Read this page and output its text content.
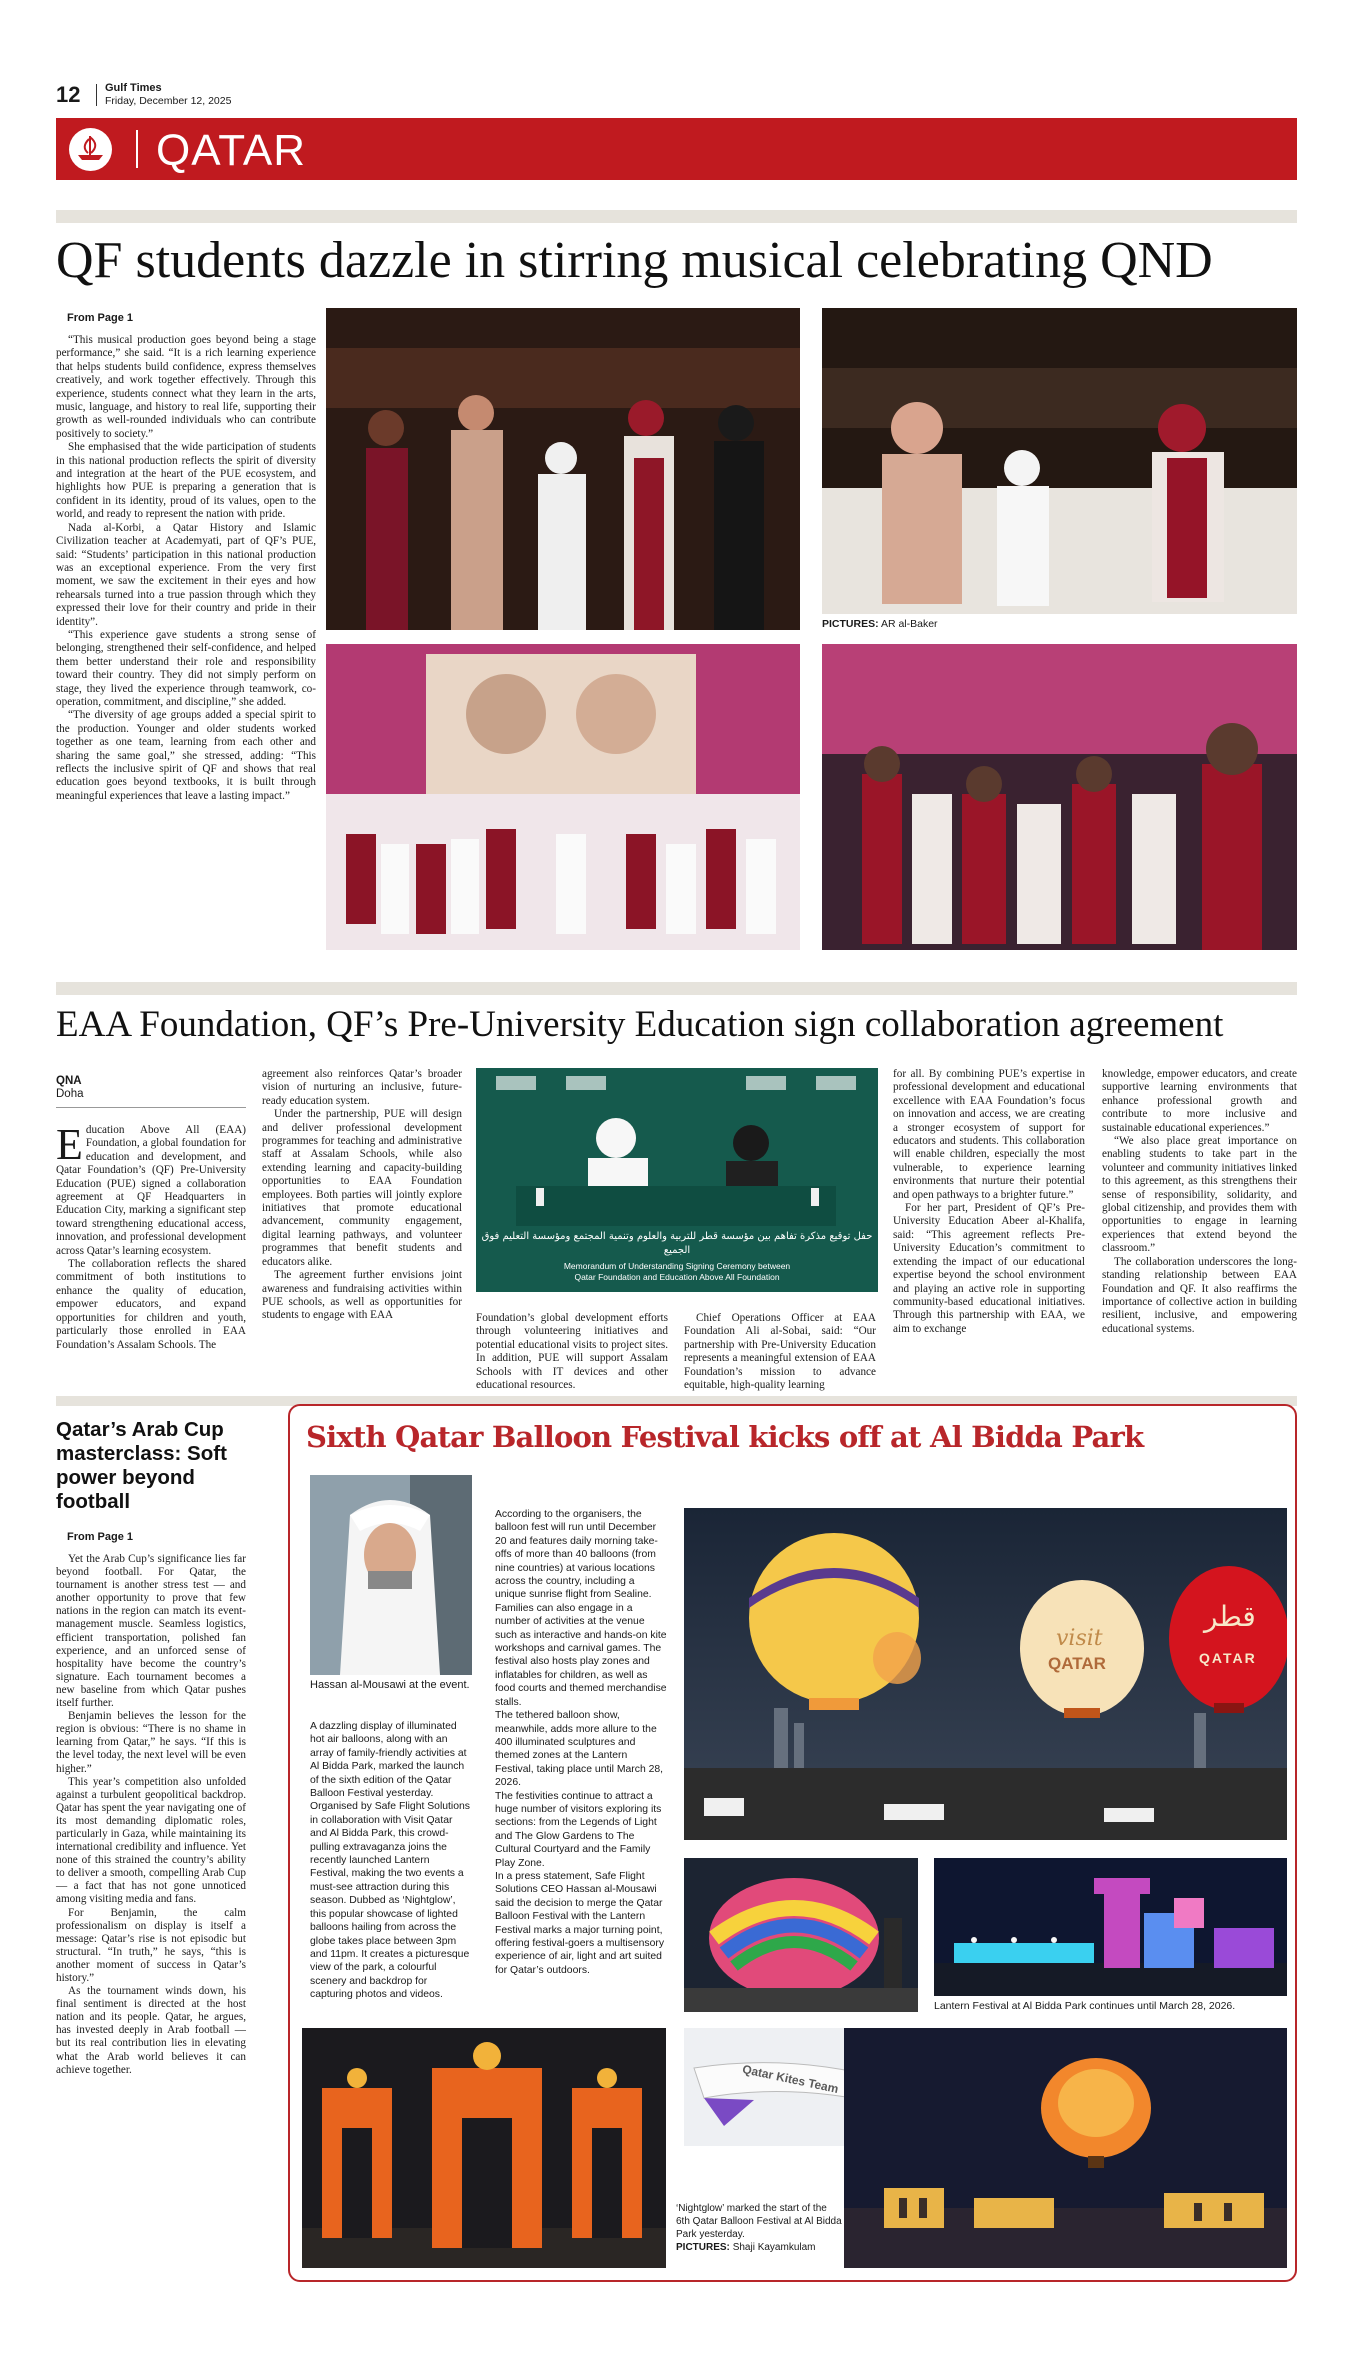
12 Gulf Times
Friday, December 12, 2025
QATAR
QF students dazzle in stirring musical celebrating QND
From Page 1

“This musical production goes beyond being a stage performance,” she said. “It is a rich learning experience that helps students build confidence, express themselves creatively, and work together effectively. Through this experience, students connect what they learn in the arts, music, language, and history to real life, supporting their growth as well-rounded individuals who can contribute positively to society.”

She emphasised that the wide participation of students in this national production reflects the spirit of diversity and integration at the heart of the PUE ecosystem, and highlights how PUE is preparing a generation that is confident in its identity, proud of its values, open to the world, and ready to represent the nation with pride.

Nada al-Korbi, a Qatar History and Islamic Civilization teacher at Academyati, part of QF’s PUE, said: “Students’ participation in this national production was an exceptional experience. From the very first moment, we saw the excitement in their eyes and how rehearsals turned into a true passion through which they expressed their love for their country and pride in their identity”.

“This experience gave students a strong sense of belonging, strengthened their self-confidence, and helped them better understand their role and responsibility toward their country. They did not simply perform on stage, they lived the experience through teamwork, co-operation, commitment, and discipline,” she added.

“The diversity of age groups added a special spirit to the production. Younger and older students worked together as one team, learning from each other and sharing the same goal,” she stressed, adding: “This reflects the inclusive spirit of QF and shows that real education goes beyond textbooks, it is built through meaningful experiences that leave a lasting impact.”

PICTURES: AR al-Baker
EAA Foundation, QF’s Pre-University Education sign collaboration agreement
QNA
Doha

Education Above All (EAA) Foundation, a global foundation for education and development, and Qatar Foundation’s (QF) Pre-University Education (PUE) signed a collaboration agreement at QF Headquarters in Education City, marking a significant step toward strengthening educational access, innovation, and professional development across Qatar’s learning ecosystem.

The collaboration reflects the shared commitment of both institutions to enhance the quality of education, empower educators, and expand opportunities for children and youth, particularly those enrolled in EAA Foundation’s Assalam Schools. The

agreement also reinforces Qatar’s broader vision of nurturing an inclusive, future-ready education system.

Under the partnership, PUE will design and deliver professional development programmes for teaching and administrative staff at Assalam Schools, while also extending learning and capacity-building opportunities to EAA Foundation employees. Both parties will jointly explore initiatives that promote educational advancement, community engagement, digital learning pathways, and volunteer programmes that benefit students and educators alike.

The agreement further envisions joint awareness and fundraising activities within PUE schools, as well as opportunities for students to engage with EAA

حفل توقيع مذكرة تفاهم بين مؤسسة قطر للتربية والعلوم وتنمية المجتمع ومؤسسة التعليم فوق الجميع
Memorandum of Understanding Signing Ceremony between Qatar Foundation and Education Above All Foundation

Foundation’s global development efforts through volunteering initiatives and potential educational visits to project sites. In addition, PUE will support Assalam Schools with IT devices and other educational resources.

Chief Operations Officer at EAA Foundation Ali al-Sobai, said: “Our partnership with Pre-University Education represents a meaningful extension of EAA Foundation’s mission to advance equitable, high-quality learning

for all. By combining PUE’s expertise in professional development and educational excellence with EAA Foundation’s focus on innovation and access, we are creating a stronger ecosystem of support for educators and students. This collaboration will enable children, especially the most vulnerable, to experience learning environments that nurture their potential and open pathways to a brighter future.”

For her part, President of QF’s Pre-University Education Abeer al-Khalifa, said: “This agreement reflects Pre-University Education’s commitment to extending the impact of our educational expertise beyond the school environment and playing an active role in supporting community-based educational initiatives. Through this partnership with EAA, we aim to exchange

knowledge, empower educators, and create supportive learning environments that enhance professional growth and contribute to more inclusive and sustainable educational experiences.”

“We also place great importance on enabling students to take part in the volunteer and community initiatives linked to this agreement, as this strengthens their sense of responsibility, solidarity, and global citizenship, and provides them with opportunities to engage in learning experiences that extend beyond the classroom.”

The collaboration underscores the long-standing relationship between EAA Foundation and QF. It also reaffirms the importance of collective action in building resilient, inclusive, and empowering educational systems.

Qatar’s Arab Cup masterclass: Soft power beyond football
From Page 1

Yet the Arab Cup’s significance lies far beyond football. For Qatar, the tournament is another stress test — and another opportunity to prove that few nations in the region can match its event-management muscle. Seamless logistics, efficient transportation, polished fan experience, and an unforced sense of hospitality have become the country’s signature. Each tournament becomes a new baseline from which Qatar pushes itself further.

Benjamin believes the lesson for the region is obvious: “There is no shame in learning from Qatar,” he says. “If this is the level today, the next level will be even higher.”

This year’s competition also unfolded against a turbulent geopolitical backdrop. Qatar has spent the year navigating one of its most demanding diplomatic roles, particularly in Gaza, while maintaining its international credibility and influence. Yet none of this strained the country’s ability to deliver a smooth, compelling Arab Cup — a fact that has not gone unnoticed among visiting media and fans.

For Benjamin, the calm professionalism on display is itself a message: Qatar’s rise is not episodic but structural. “In truth,” he says, “this is another moment of success in Qatar’s history.”

As the tournament winds down, his final sentiment is directed at the host nation and its people. Qatar, he argues, has invested deeply in Arab football — but its real contribution lies in elevating what the Arab world believes it can achieve together.

Sixth Qatar Balloon Festival kicks off at Al Bidda Park
Hassan al-Mousawi at the event.

A dazzling display of illuminated hot air balloons, along with an array of family-friendly activities at Al Bidda Park, marked the launch of the sixth edition of the Qatar Balloon Festival yesterday.

Organised by Safe Flight Solutions in collaboration with Visit Qatar and Al Bidda Park, this crowd-pulling extravaganza joins the recently launched Lantern Festival, making the two events a must-see attraction during this season. Dubbed as ‘Nightglow’, this popular showcase of lighted balloons hailing from across the globe takes place between 3pm and 11pm. It creates a picturesque view of the park, a colourful scenery and backdrop for capturing photos and videos.

According to the organisers, the balloon fest will run until December 20 and features daily morning take-offs of more than 40 balloons (from nine countries) at various locations across the country, including a unique sunrise flight from Sealine.

Families can also engage in a number of activities at the venue such as interactive and hands-on kite workshops and carnival games. The festival also hosts play zones and inflatables for children, as well as food courts and themed merchandise stalls.

The tethered balloon show, meanwhile, adds more allure to the 400 illuminated sculptures and themed zones at the Lantern Festival, taking place until March 28, 2026.

The festivities continue to attract a huge number of visitors exploring its sections: from the Legends of Light and The Glow Gardens to The Cultural Courtyard and the Family Play Zone.

In a press statement, Safe Flight Solutions CEO Hassan al-Mousawi said the decision to merge the Qatar Balloon Festival with the Lantern Festival marks a major turning point, offering festival-goers a multisensory experience of air, light and art suited for Qatar’s outdoors.

visit
QATAR
قطر
QATAR
Lantern Festival at Al Bidda Park continues until March 28, 2026.
Qatar Kites Team
‘Nightglow’ marked the start of the 6th Qatar Balloon Festival at Al Bidda Park yesterday.
PICTURES: Shaji Kayamkulam
